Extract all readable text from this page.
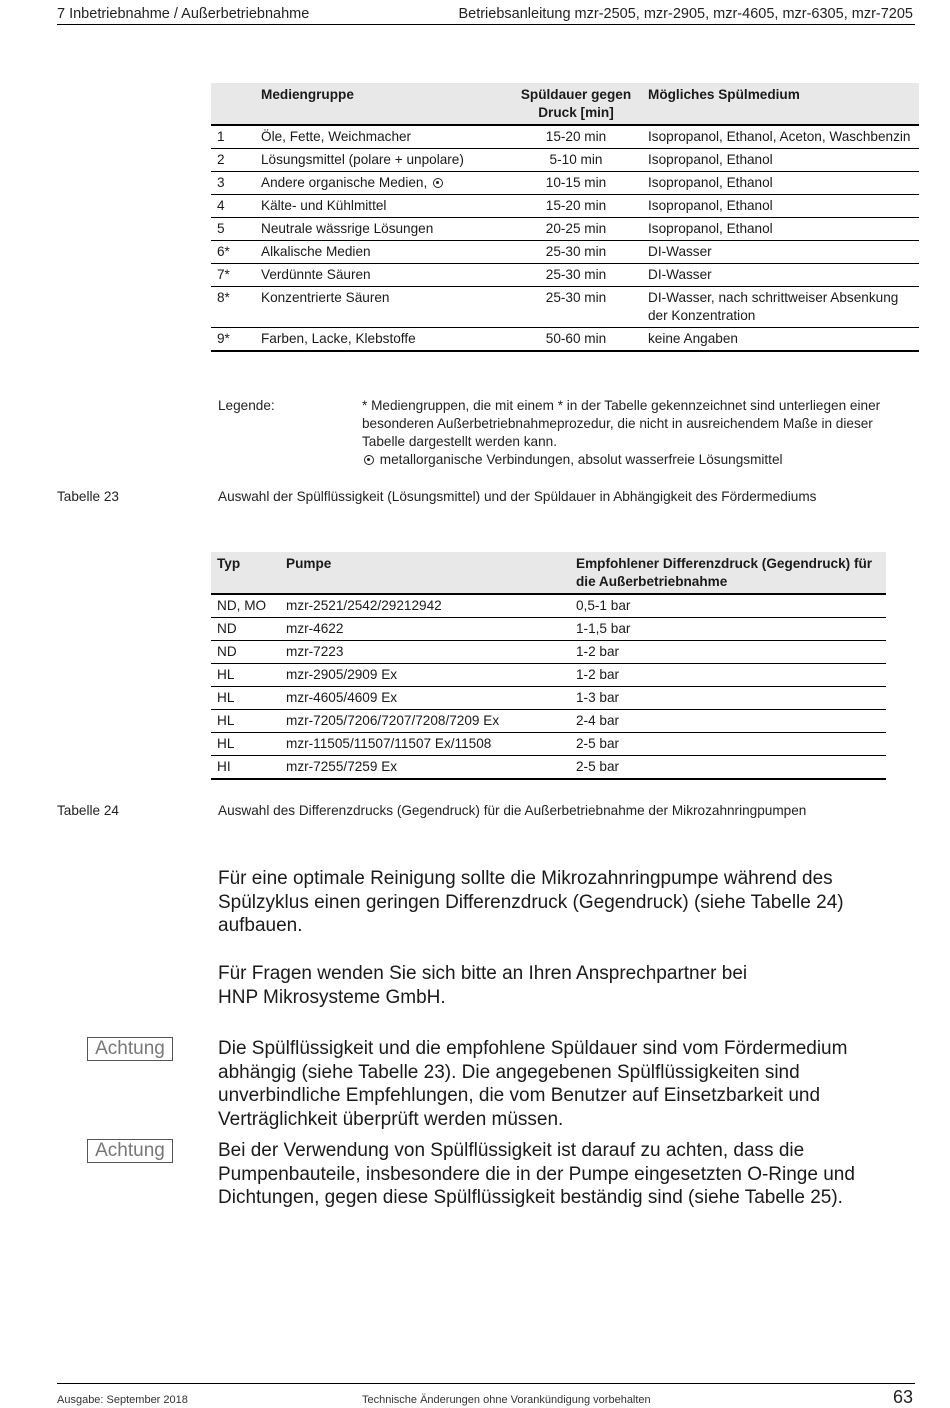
7 Inbetriebnahme / Außerbetriebnahme	Betriebsanleitung mzr-2505, mzr-2905, mzr-4605, mzr-6305, mzr-7205
	Mediengruppe	Spüldauer gegen Druck [min]	Mögliches Spülmedium
1	Öle, Fette, Weichmacher	15-20 min	Isopropanol, Ethanol, Aceton, Waschbenzin
2	Lösungsmittel (polare + unpolare)	5-10 min	Isopropanol, Ethanol
3	Andere organische Medien,	10-15 min	Isopropanol, Ethanol
4	Kälte- und Kühlmittel	15-20 min	Isopropanol, Ethanol
5	Neutrale wässrige Lösungen	20-25 min	Isopropanol, Ethanol
6*	Alkalische Medien	25-30 min	DI-Wasser
7*	Verdünnte Säuren	25-30 min	DI-Wasser
8*	Konzentrierte Säuren	25-30 min	DI-Wasser, nach schrittweiser Absenkung der Konzentration
9*	Farben, Lacke, Klebstoffe	50-60 min	keine Angaben
Legende:	* Mediengruppen, die mit einem * in der Tabelle gekennzeichnet sind unterliegen einer besonderen Außerbetriebnahmeprozedur, die nicht in ausreichendem Maße in dieser Tabelle dargestellt werden kann.
metallorganische Verbindungen, absolut wasserfreie Lösungsmittel
Tabelle 23	Auswahl der Spülflüssigkeit (Lösungsmittel) und der Spüldauer in Abhängigkeit des Fördermediums
Typ	Pumpe	Empfohlener Differenzdruck (Gegendruck) für die Außerbetriebnahme
ND, MO	mzr-2521/2542/29212942	0,5-1 bar
ND	mzr-4622	1-1,5 bar
ND	mzr-7223	1-2 bar
HL	mzr-2905/2909 Ex	1-2 bar
HL	mzr-4605/4609 Ex	1-3 bar
HL	mzr-7205/7206/7207/7208/7209 Ex	2-4 bar
HL	mzr-11505/11507/11507 Ex/11508	2-5 bar
HI	mzr-7255/7259 Ex	2-5 bar
Tabelle 24	Auswahl des Differenzdrucks (Gegendruck) für die Außerbetriebnahme der Mikrozahnringpumpen
Für eine optimale Reinigung sollte die Mikrozahnringpumpe während des Spülzyklus einen geringen Differenzdruck (Gegendruck) (siehe Tabelle 24) aufbauen.
Für Fragen wenden Sie sich bitte an Ihren Ansprechpartner bei
HNP Mikrosysteme GmbH.
Achtung	Die Spülflüssigkeit und die empfohlene Spüldauer sind vom Fördermedium abhängig (siehe Tabelle 23). Die angegebenen Spülflüssigkeiten sind unverbindliche Empfehlungen, die vom Benutzer auf Einsetzbarkeit und Verträglichkeit überprüft werden müssen.
Achtung	Bei der Verwendung von Spülflüssigkeit ist darauf zu achten, dass die Pumpenbauteile, insbesondere die in der Pumpe eingesetzten O-Ringe und Dichtungen, gegen diese Spülflüssigkeit beständig sind (siehe Tabelle 25).
Ausgabe: September 2018	Technische Änderungen ohne Vorankündigung vorbehalten	63
